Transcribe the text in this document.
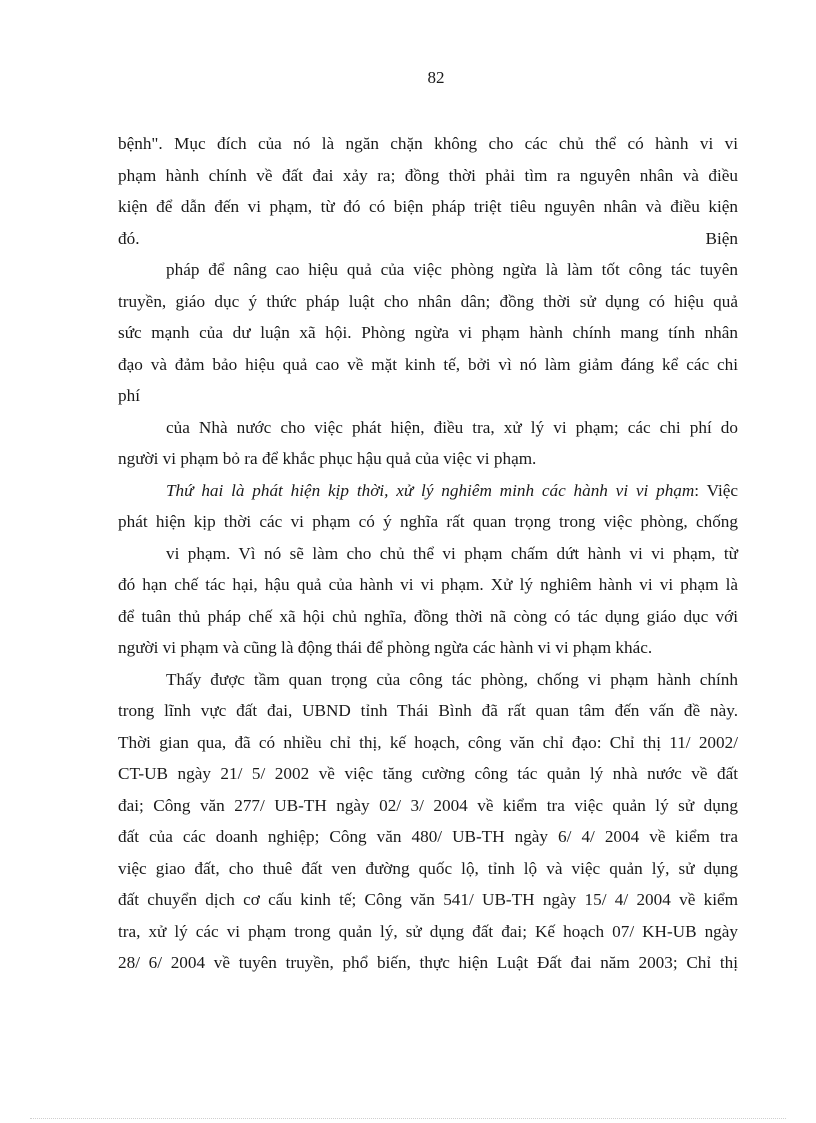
82
bệnh". Mục đích của nó là ngăn chặn không cho các chủ thể có hành vi vi
phạm hành chính về đất đai xảy ra; đồng thời phải tìm ra nguyên nhân và điều
kiện để dẫn đến vi phạm, từ đó có biện pháp triệt tiêu nguyên nhân và điều kiện
đó.	Biện
pháp để nâng cao hiệu quả của việc phòng ngừa là làm tốt công tác tuyên
truyền, giáo dục ý thức pháp luật cho nhân dân; đồng thời sử dụng có hiệu quả
sức mạnh của dư luận xã hội. Phòng ngừa vi phạm hành chính mang tính nhân
đạo và đảm bảo hiệu quả cao về mặt kinh tế, bởi vì nó làm giảm đáng kể các chi
phí
của Nhà nước cho việc phát hiện, điều tra, xử lý vi phạm; các chi phí do
người vi phạm bỏ ra để khắc phục hậu quả của việc vi phạm.
Thứ hai là phát hiện kịp thời, xử lý nghiêm minh các hành vi vi phạm: Việc
phát hiện kịp thời các vi phạm có ý nghĩa rất quan trọng trong việc phòng, chống
vi phạm. Vì nó sẽ làm cho chủ thể vi phạm chấm dứt hành vi vi phạm, từ
đó hạn chế tác hại, hậu quả của hành vi vi phạm. Xử lý nghiêm hành vi vi phạm là
để tuân thủ pháp chế xã hội chủ nghĩa, đồng thời nã còng có tác dụng giáo dục với
người vi phạm và cũng là động thái để phòng ngừa các hành vi vi phạm khác.
Thấy được tầm quan trọng của công tác phòng, chống vi phạm hành chính
trong lĩnh vực đất đai, UBND tỉnh Thái Bình đã rất quan tâm đến vấn đề này.
Thời gian qua, đã có nhiều chỉ thị, kế hoạch, công văn chỉ đạo: Chỉ thị 11/ 2002/
CT-UB ngày 21/ 5/ 2002 về việc tăng cường công tác quản lý nhà nước về đất
đai; Công văn 277/ UB-TH ngày 02/ 3/ 2004 về kiểm tra việc quản lý sử dụng
đất của các doanh nghiệp; Công văn 480/ UB-TH ngày 6/ 4/ 2004 về kiểm tra
việc giao đất, cho thuê đất ven đường quốc lộ, tỉnh lộ và việc quản lý, sử dụng
đất chuyển dịch cơ cấu kinh tế; Công văn 541/ UB-TH ngày 15/ 4/ 2004 về kiểm
tra, xử lý các vi phạm trong quản lý, sử dụng đất đai; Kế hoạch 07/ KH-UB ngày
28/ 6/ 2004 về tuyên truyền, phổ biến, thực hiện Luật Đất đai năm 2003; Chỉ thị
